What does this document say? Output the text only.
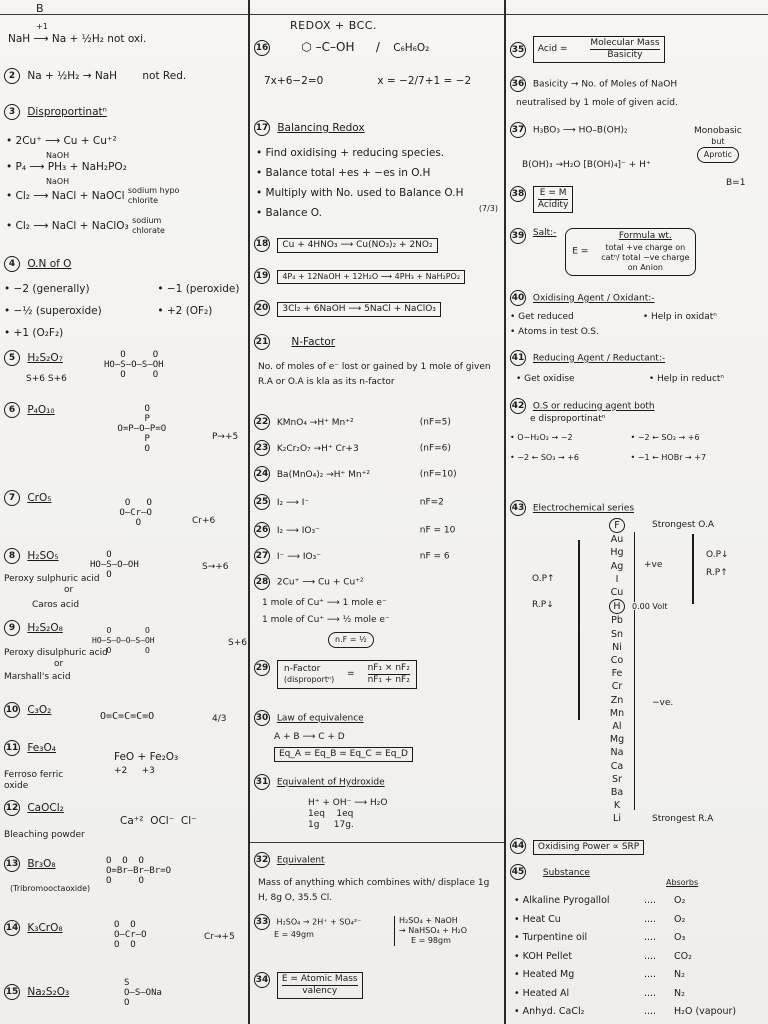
B
REDOX + BCC.
+1
NaH ⟶ Na + ½H₂ not oxi.
2 Na + ½H₂ → NaH not Red.
3 Disproportinatⁿ
• 2Cu⁺ ⟶ Cu + Cu⁺²
NaOH
• P₄ ⟶ PH₃ + NaH₂PO₂
NaOH
• Cl₂ ⟶ NaCl + NaOCl sodium hypo chlorite
• Cl₂ ⟶ NaCl + NaClO₃ sodium chlorate
4 O.N of O
• −2 (generally)	• −1 (peroxide)
• −½ (superoxide)	• +2 (OF₂)
• +1 (O₂F₂)
5 H₂S₂O₇
S+6 S+6
O     O
HO–S–O–S–OH
O     O
6 P₄O₁₀	O
P
O=P–O–P=O
P
O
P→+5
7 CrO₅	O   O
O–Cr–O
O	Cr+6
8 H₂SO₅
Peroxy sulphuric acid
or
Caros acid
O
HO–S–O–OH
O
S→+6
9 H₂S₂O₈
Peroxy disulphuric acid
or
Marshall's acid
O       O
HO–S–O–O–S–OH
O       O
S+6
10 C₃O₂
O=C=C=C=O	4/3
11 Fe₃O₄
Ferroso ferric oxide
FeO + Fe₂O₃
+2     +3
12 CaOCl₂
Bleaching powder
Ca⁺²  OCl⁻  Cl⁻
13 Br₃O₈
(Tribromooctaoxide)
O  O  O
O=Br–Br–Br=O
O     O
14 K₃CrO₈	O  O
O–Cr–O
O  O
Cr→+5
15 Na₂S₂O₃
S
O–S–ONa
O
16	⬡ –C–OH / C₆H₆O₂
7x+6−2=0	x = −2/7+1 = −2
17 Balancing Redox
• Find oxidising + reducing species.
• Balance total +es + −es in O.H
• Multiply with No. used to Balance O.H
(7/3)
• Balance O.
18 Cu + 4HNO₃ ⟶ Cu(NO₃)₂ + 2NO₂
19 4P₄ + 12NaOH + 12H₂O ⟶ 4PH₃ + NaH₂PO₂
20 3Cl₂ + 6NaOH ⟶ 5NaCl + NaClO₃
21 N-Factor
No. of moles of e⁻ lost or gained by 1 mole of given R.A or O.A is kla as its n-factor
22 KMnO₄ →H⁺ Mn⁺²	(nF=5)
23 K₂Cr₂O₇ →H⁺ Cr+3	(nF=6)
24 Ba(MnO₄)₂ →H⁺ Mn⁺²	(nF=10)
25 I₂ ⟶ I⁻	nF=2
26 I₂ ⟶ IO₃⁻	nF = 10
27 I⁻ ⟶ IO₃⁻	nF = 6
28 2Cu⁺ ⟶ Cu + Cu⁺²
1 mole of Cu⁺ ⟶ 1 mole e⁻
1 mole of Cu⁺ ⟶ ½ mole e⁻
n.F = ½
29 n-Factor
(disproportⁿ)
= $\frac{\text{nF₁ × nF₂}}{\text{nF₁ + nF₂}}$
30 Law of equivalence
A + B ⟶ C + D
Eq_A = Eq_B = Eq_C = Eq_D
31 Equivalent of Hydroxide
H⁺ + OH⁻ ⟶ H₂O
1eq    1eq
1g     17g.
32 Equivalent
Mass of anything which combines with/ displace 1g H, 8g O, 35.5 Cl.
33 H₂SO₄ → 2H⁺ + SO₄²⁻
E = 49gm
H₂SO₄ + NaOH
→ NaHSO₄ + H₂O
E = 98gm
34 E = Atomic Mass
valency
35 Acid =
Molecular Mass
Basicity
36 Basicity → No. of Moles of NaOH
neutralised by 1 mole of given acid.
37 H₃BO₃ ⟶ HO–B(OH)₂	Monobasic
but
Aprotic
B(OH)₃ →H₂O [B(OH)₄]⁻ + H⁺
B=1
38 E = M
Acidity
39 Salt:- E =
Formula wt.
total +ve charge on
catⁿ/ total −ve charge
on Anion
40 Oxidising Agent / Oxidant:-
• Get reduced	• Help in oxidatⁿ
• Atoms in test O.S.
41 Reducing Agent / Reductant:-
• Get oxidise	• Help in reductⁿ
42 O.S or reducing agent both
e disproportinatⁿ
• O−H₂O₂ → −2	• −2 ← SO₂ → +6
• −2 ← SO₃ → +6	• −1 ← HOBr → +7
43 Electrochemical series
F
Au
Hg
Ag
I
Cu
H
Pb
Sn
Ni
Co
Fe
Cr
Zn
Mn
Al
Mg
Na
Ca
Sr
Ba
K
Li
Strongest O.A
Strongest R.A
O.P↑
R.P↓
O.P↓
R.P↑
+ve
−ve.
0.00 Volt
44 Oxidising Power ∝ SRP
45 Substance
Absorbs
• Alkaline Pyrogallol	.... O₂
• Heat Cu	.... O₂
• Turpentine oil	.... O₃
• KOH Pellet	.... CO₂
• Heated Mg	.... N₂
• Heated Al	.... N₂
• Anhyd. CaCl₂	.... H₂O (vapour)
